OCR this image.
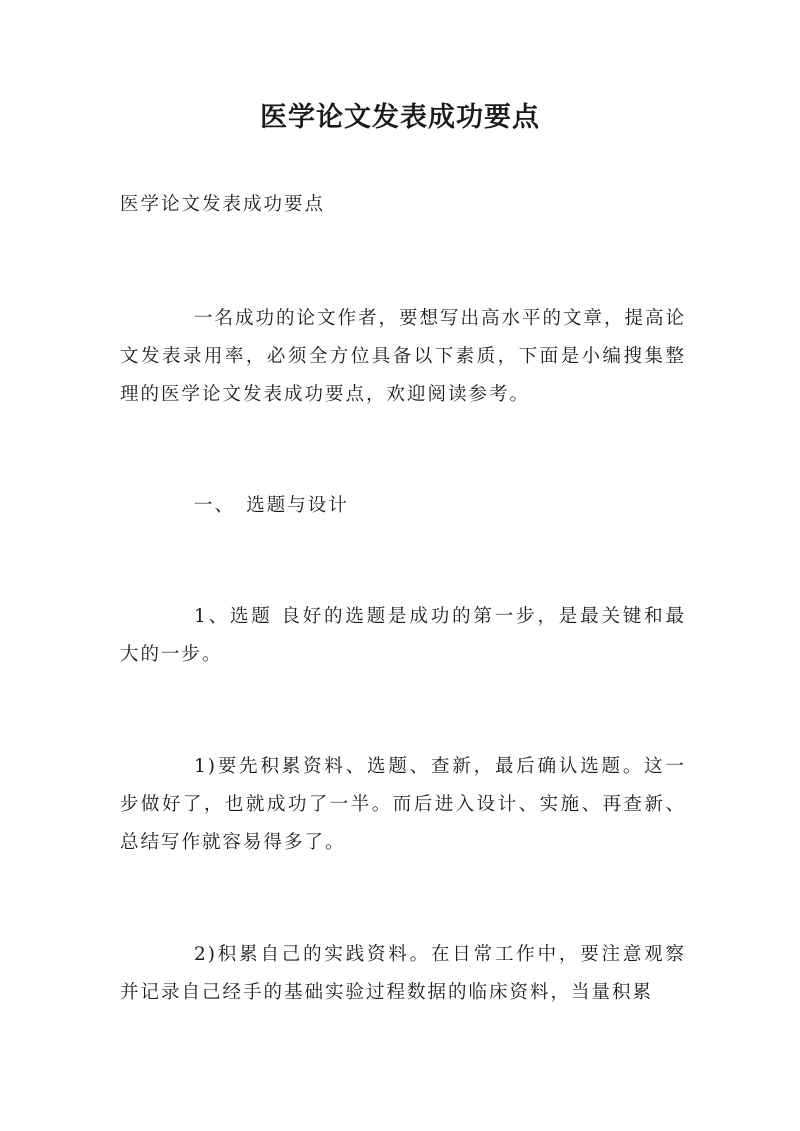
医学论文发表成功要点

医学论文发表成功要点

一名成功的论文作者，要想写出高水平的文章，提高论文发表录用率，必须全方位具备以下素质，下面是小编搜集整理的医学论文发表成功要点，欢迎阅读参考。

一、　选题与设计

1、选题 良好的选题是成功的第一步，是最关键和最大的一步。

1)要先积累资料、选题、查新，最后确认选题。这一步做好了，也就成功了一半。而后进入设计、实施、再查新、总结写作就容易得多了。

2)积累自己的实践资料。在日常工作中，要注意观察并记录自己经手的基础实验过程数据的临床资料，当量积累
